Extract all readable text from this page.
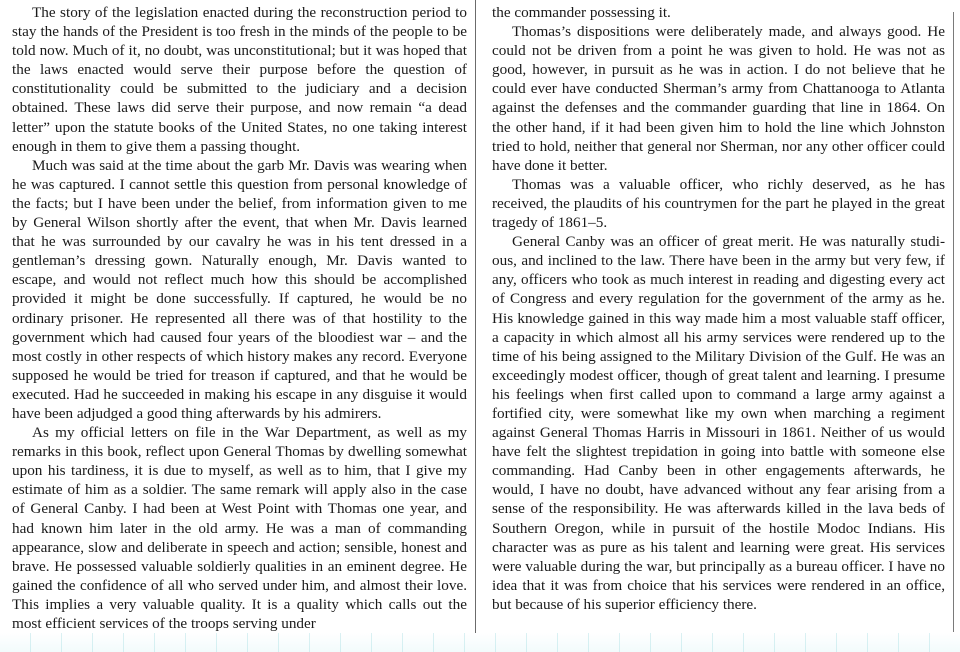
The story of the legislation enacted during the reconstruction period to stay the hands of the President is too fresh in the minds of the people to be told now. Much of it, no doubt, was unconstitutional; but it was hoped that the laws enacted would serve their purpose before the question of constitutionality could be submitted to the judiciary and a decision obtained. These laws did serve their purpose, and now remain “a dead letter” upon the statute books of the United States, no one taking interest enough in them to give them a passing thought.

Much was said at the time about the garb Mr. Davis was wearing when he was captured. I cannot settle this question from personal knowledge of the facts; but I have been under the belief, from information given to me by General Wilson shortly after the event, that when Mr. Davis learned that he was surrounded by our cavalry he was in his tent dressed in a gentleman’s dressing gown. Naturally enough, Mr. Davis wanted to escape, and would not reflect much how this should be accomplished provided it might be done successfully. If captured, he would be no ordinary prisoner. He represented all there was of that hostility to the government which had caused four years of the bloodiest war – and the most costly in other respects of which history makes any record. Everyone supposed he would be tried for treason if captured, and that he would be executed. Had he succeeded in making his escape in any disguise it would have been adjudged a good thing afterwards by his admirers.

As my official letters on file in the War Department, as well as my remarks in this book, reflect upon General Thomas by dwelling somewhat upon his tardiness, it is due to myself, as well as to him, that I give my estimate of him as a soldier. The same remark will apply also in the case of General Canby. I had been at West Point with Thomas one year, and had known him later in the old army. He was a man of commanding appearance, slow and deliberate in speech and action; sensible, honest and brave. He possessed valuable soldierly qualities in an eminent degree. He gained the confidence of all who served under him, and almost their love. This implies a very valuable quality. It is a quality which calls out the most efficient services of the troops serving under

the commander possessing it.

Thomas’s dispositions were deliberately made, and always good. He could not be driven from a point he was given to hold. He was not as good, however, in pursuit as he was in action. I do not believe that he could ever have conducted Sherman’s army from Chattanooga to Atlanta against the defenses and the commander guarding that line in 1864. On the other hand, if it had been given him to hold the line which Johnston tried to hold, neither that general nor Sherman, nor any other officer could have done it better.

Thomas was a valuable officer, who richly deserved, as he has received, the plaudits of his countrymen for the part he played in the great tragedy of 1861–5.

General Canby was an officer of great merit. He was naturally studious, and inclined to the law. There have been in the army but very few, if any, officers who took as much interest in reading and digesting every act of Congress and every regulation for the government of the army as he. His knowledge gained in this way made him a most valuable staff officer, a capacity in which almost all his army services were rendered up to the time of his being assigned to the Military Division of the Gulf. He was an exceedingly modest officer, though of great talent and learning. I presume his feelings when first called upon to command a large army against a fortified city, were somewhat like my own when marching a regiment against General Thomas Harris in Missouri in 1861. Neither of us would have felt the slightest trepidation in going into battle with someone else commanding. Had Canby been in other engagements afterwards, he would, I have no doubt, have advanced without any fear arising from a sense of the responsibility. He was afterwards killed in the lava beds of Southern Oregon, while in pursuit of the hostile Modoc Indians. His character was as pure as his talent and learning were great. His services were valuable during the war, but principally as a bureau officer. I have no idea that it was from choice that his services were rendered in an office, but because of his superior efficiency there.
